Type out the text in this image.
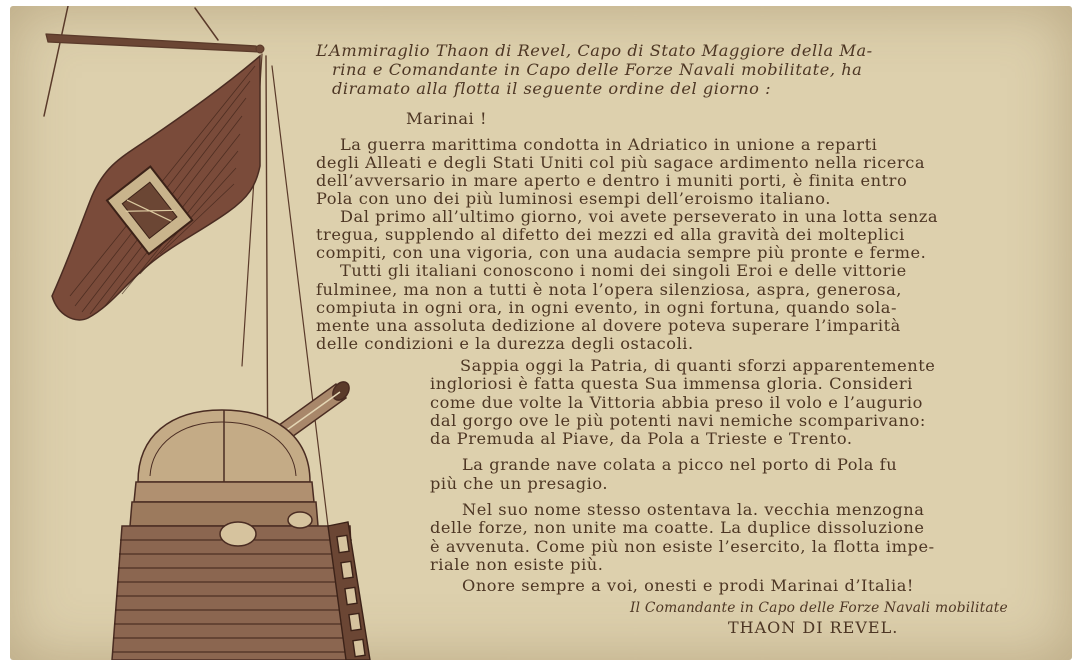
L’Ammiraglio Thaon di Revel, Capo di Stato Maggiore della Ma-
rina e Comandante in Capo delle Forze Navali mobilitate, ha
diramato alla flotta il seguente ordine del giorno :
Marinai !
La guerra marittima condotta in Adriatico in unione a reparti
degli Alleati e degli Stati Uniti col più sagace ardimento nella ricerca
dell’avversario in mare aperto e dentro i muniti porti, è finita entro
Pola con uno dei più luminosi esempi dell’eroismo italiano.
Dal primo all’ultimo giorno, voi avete perseverato in una lotta senza
tregua, supplendo al difetto dei mezzi ed alla gravità dei molteplici
compiti, con una vigoria, con una audacia sempre più pronte e ferme.
Tutti gli italiani conoscono i nomi dei singoli Eroi e delle vittorie
fulminee, ma non a tutti è nota l’opera silenziosa, aspra, generosa,
compiuta in ogni ora, in ogni evento, in ogni fortuna, quando sola-
mente una assoluta dedizione al dovere poteva superare l’imparità
delle condizioni e la durezza degli ostacoli.
Sappia oggi la Patria, di quanti sforzi apparentemente
ingloriosi è fatta questa Sua immensa gloria. Consideri
come due volte la Vittoria abbia preso il volo e l’augurio
dal gorgo ove le più potenti navi nemiche scomparivano:
da Premuda al Piave, da Pola a Trieste e Trento.
La grande nave colata a picco nel porto di Pola fu
più che un presagio.
Nel suo nome stesso ostentava la. vecchia menzogna
delle forze, non unite ma coatte. La duplice dissoluzione
è avvenuta. Come più non esiste l’esercito, la flotta impe-
riale non esiste più.
Onore sempre a voi, onesti e prodi Marinai d’Italia!
Il Comandante in Capo delle Forze Navali mobilitate
THAON DI REVEL.
